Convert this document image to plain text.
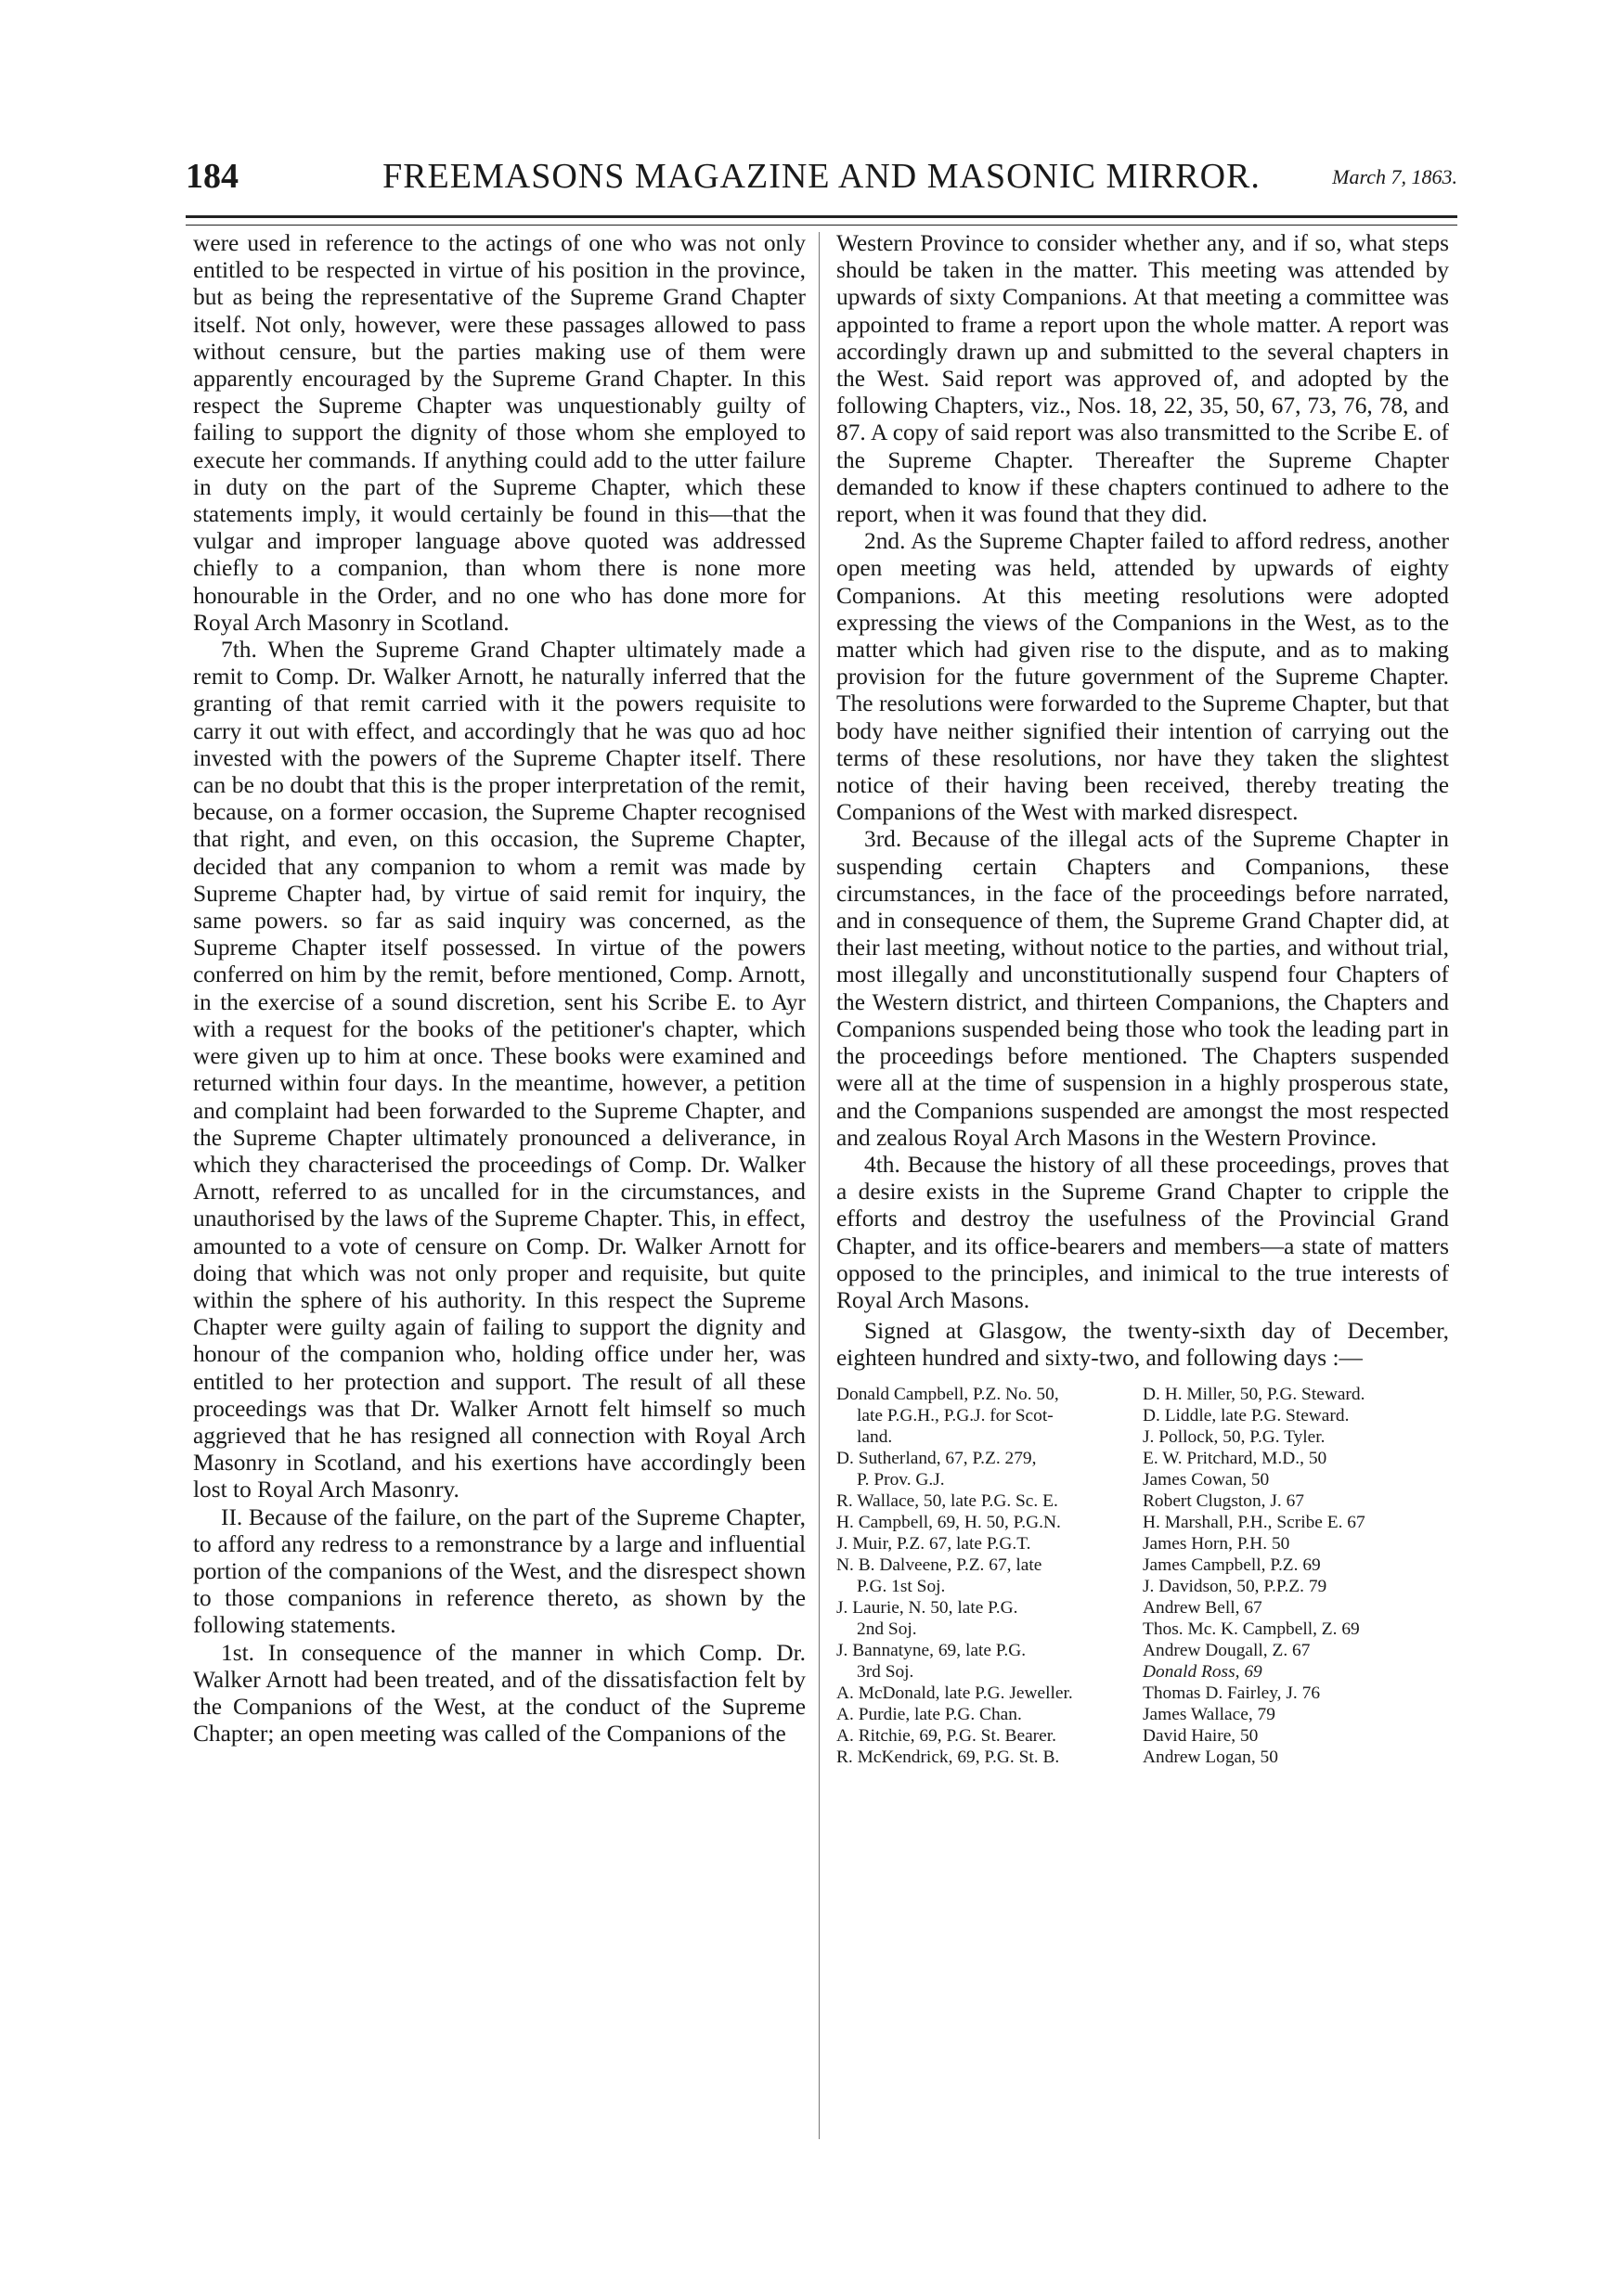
184	FREEMASONS MAGAZINE AND MASONIC MIRROR.	March 7, 1863.

were used in reference to the actings of one who was not only entitled to be respected in virtue of his position in the province, but as being the representative of the Supreme Grand Chapter itself. Not only, however, were these passages allowed to pass without censure, but the parties making use of them were apparently encouraged by the Supreme Grand Chapter. In this respect the Supreme Chapter was unquestionably guilty of failing to support the dignity of those whom she employed to execute her commands. If anything could add to the utter failure in duty on the part of the Supreme Chapter, which these statements imply, it would certainly be found in this—that the vulgar and improper language above quoted was addressed chiefly to a companion, than whom there is none more honourable in the Order, and no one who has done more for Royal Arch Masonry in Scotland.

7th. When the Supreme Grand Chapter ultimately made a remit to Comp. Dr. Walker Arnott, he naturally inferred that the granting of that remit carried with it the powers requisite to carry it out with effect, and accordingly that he was quo ad hoc invested with the powers of the Supreme Chapter itself. There can be no doubt that this is the proper interpretation of the remit, because, on a former occasion, the Supreme Chapter recognised that right, and even, on this occasion, the Supreme Chapter, decided that any companion to whom a remit was made by Supreme Chapter had, by virtue of said remit for inquiry, the same powers. so far as said inquiry was concerned, as the Supreme Chapter itself possessed. In virtue of the powers conferred on him by the remit, before mentioned, Comp. Arnott, in the exercise of a sound discretion, sent his Scribe E. to Ayr with a request for the books of the petitioner's chapter, which were given up to him at once. These books were examined and returned within four days. In the meantime, however, a petition and complaint had been forwarded to the Supreme Chapter, and the Supreme Chapter ultimately pronounced a deliverance, in which they characterised the proceedings of Comp. Dr. Walker Arnott, referred to as uncalled for in the circumstances, and unauthorised by the laws of the Supreme Chapter. This, in effect, amounted to a vote of censure on Comp. Dr. Walker Arnott for doing that which was not only proper and requisite, but quite within the sphere of his authority. In this respect the Supreme Chapter were guilty again of failing to support the dignity and honour of the companion who, holding office under her, was entitled to her protection and support. The result of all these proceedings was that Dr. Walker Arnott felt himself so much aggrieved that he has resigned all connection with Royal Arch Masonry in Scotland, and his exertions have accordingly been lost to Royal Arch Masonry.

II. Because of the failure, on the part of the Supreme Chapter, to afford any redress to a remonstrance by a large and influential portion of the companions of the West, and the disrespect shown to those companions in reference thereto, as shown by the following statements.

1st. In consequence of the manner in which Comp. Dr. Walker Arnott had been treated, and of the dissatisfaction felt by the Companions of the West, at the conduct of the Supreme Chapter; an open meeting was called of the Companions of the

Western Province to consider whether any, and if so, what steps should be taken in the matter. This meeting was attended by upwards of sixty Companions. At that meeting a committee was appointed to frame a report upon the whole matter. A report was accordingly drawn up and submitted to the several chapters in the West. Said report was approved of, and adopted by the following Chapters, viz., Nos. 18, 22, 35, 50, 67, 73, 76, 78, and 87. A copy of said report was also transmitted to the Scribe E. of the Supreme Chapter. Thereafter the Supreme Chapter demanded to know if these chapters continued to adhere to the report, when it was found that they did.

2nd. As the Supreme Chapter failed to afford redress, another open meeting was held, attended by upwards of eighty Companions. At this meeting resolutions were adopted expressing the views of the Companions in the West, as to the matter which had given rise to the dispute, and as to making provision for the future government of the Supreme Chapter. The resolutions were forwarded to the Supreme Chapter, but that body have neither signified their intention of carrying out the terms of these resolutions, nor have they taken the slightest notice of their having been received, thereby treating the Companions of the West with marked disrespect.

3rd. Because of the illegal acts of the Supreme Chapter in suspending certain Chapters and Companions, these circumstances, in the face of the proceedings before narrated, and in consequence of them, the Supreme Grand Chapter did, at their last meeting, without notice to the parties, and without trial, most illegally and unconstitutionally suspend four Chapters of the Western district, and thirteen Companions, the Chapters and Companions suspended being those who took the leading part in the proceedings before mentioned. The Chapters suspended were all at the time of suspension in a highly prosperous state, and the Companions suspended are amongst the most respected and zealous Royal Arch Masons in the Western Province.

4th. Because the history of all these proceedings, proves that a desire exists in the Supreme Grand Chapter to cripple the efforts and destroy the usefulness of the Provincial Grand Chapter, and its office-bearers and members—a state of matters opposed to the principles, and inimical to the true interests of Royal Arch Masons.

Signed at Glasgow, the twenty-sixth day of December, eighteen hundred and sixty-two, and following days :—

Donald Campbell, P.Z. No. 50,	D. H. Miller, 50, P.G. Steward.
late P.G.H., P.G.J. for Scot-	D. Liddle, late P.G. Steward.
land.	J. Pollock, 50, P.G. Tyler.
D. Sutherland, 67, P.Z. 279,	E. W. Pritchard, M.D., 50
P. Prov. G.J.	James Cowan, 50
R. Wallace, 50, late P.G. Sc. E.	Robert Clugston, J. 67
H. Campbell, 69, H. 50, P.G.N.	H. Marshall, P.H., Scribe E. 67
J. Muir, P.Z. 67, late P.G.T.	James Horn, P.H. 50
N. B. Dalveene, P.Z. 67, late	James Campbell, P.Z. 69
P.G. 1st Soj.	J. Davidson, 50, P.P.Z. 79
J. Laurie, N. 50, late P.G.	Andrew Bell, 67
2nd Soj.	Thos. Mc. K. Campbell, Z. 69
J. Bannatyne, 69, late P.G.	Andrew Dougall, Z. 67
3rd Soj.	Donald Ross, 69
A. McDonald, late P.G. Jeweller.	Thomas D. Fairley, J. 76
A. Purdie, late P.G. Chan.	James Wallace, 79
A. Ritchie, 69, P.G. St. Bearer.	David Haire, 50
R. McKendrick, 69, P.G. St. B.	Andrew Logan, 50
